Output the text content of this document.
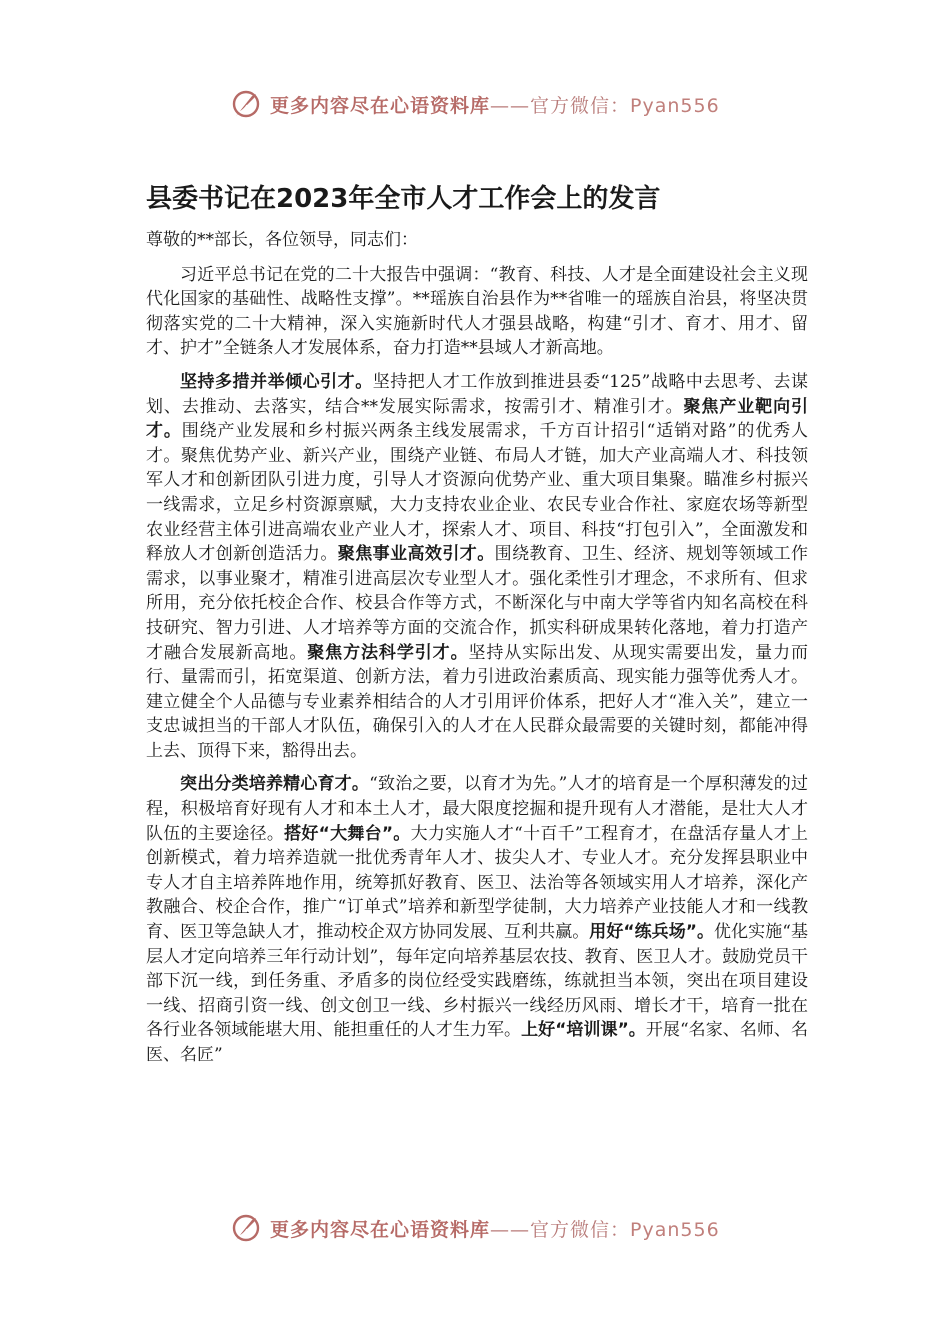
更多内容尽在心语资料库——官方微信：Pyan556
县委书记在2023年全市人才工作会上的发言

尊敬的**部长，各位领导，同志们：

习近平总书记在党的二十大报告中强调：“教育、科技、人才是全面建设社会主义现代化国家的基础性、战略性支撑”。**瑶族自治县作为**省唯一的瑶族自治县，将坚决贯彻落实党的二十大精神，深入实施新时代人才强县战略，构建“引才、育才、用才、留才、护才”全链条人才发展体系，奋力打造**县域人才新高地。

坚持多措并举倾心引才。坚持把人才工作放到推进县委“125”战略中去思考、去谋划、去推动、去落实，结合**发展实际需求，按需引才、精准引才。聚焦产业靶向引才。围绕产业发展和乡村振兴两条主线发展需求，千方百计招引“适销对路”的优秀人才。聚焦优势产业、新兴产业，围绕产业链、布局人才链，加大产业高端人才、科技领军人才和创新团队引进力度，引导人才资源向优势产业、重大项目集聚。瞄准乡村振兴一线需求，立足乡村资源禀赋，大力支持农业企业、农民专业合作社、家庭农场等新型农业经营主体引进高端农业产业人才，探索人才、项目、科技“打包引入”，全面激发和释放人才创新创造活力。聚焦事业高效引才。围绕教育、卫生、经济、规划等领域工作需求，以事业聚才，精准引进高层次专业型人才。强化柔性引才理念，不求所有、但求所用，充分依托校企合作、校县合作等方式，不断深化与中南大学等省内知名高校在科技研究、智力引进、人才培养等方面的交流合作，抓实科研成果转化落地，着力打造产才融合发展新高地。聚焦方法科学引才。坚持从实际出发、从现实需要出发，量力而行、量需而引，拓宽渠道、创新方法，着力引进政治素质高、现实能力强等优秀人才。建立健全个人品德与专业素养相结合的人才引用评价体系，把好人才“准入关”，建立一支忠诚担当的干部人才队伍，确保引入的人才在人民群众最需要的关键时刻，都能冲得上去、顶得下来，豁得出去。

突出分类培养精心育才。“致治之要，以育才为先。”人才的培育是一个厚积薄发的过程，积极培育好现有人才和本土人才，最大限度挖掘和提升现有人才潜能，是壮大人才队伍的主要途径。搭好“大舞台”。大力实施人才“十百千”工程育才，在盘活存量人才上创新模式，着力培养造就一批优秀青年人才、拔尖人才、专业人才。充分发挥县职业中专人才自主培养阵地作用，统筹抓好教育、医卫、法治等各领域实用人才培养，深化产教融合、校企合作，推广“订单式”培养和新型学徒制，大力培养产业技能人才和一线教育、医卫等急缺人才，推动校企双方协同发展、互利共赢。用好“练兵场”。优化实施“基层人才定向培养三年行动计划”，每年定向培养基层农技、教育、医卫人才。鼓励党员干部下沉一线，到任务重、矛盾多的岗位经受实践磨练，练就担当本领，突出在项目建设一线、招商引资一线、创文创卫一线、乡村振兴一线经历风雨、增长才干，培育一批在各行业各领域能堪大用、能担重任的人才生力军。上好“培训课”。开展“名家、名师、名医、名匠”

更多内容尽在心语资料库——官方微信：Pyan556
